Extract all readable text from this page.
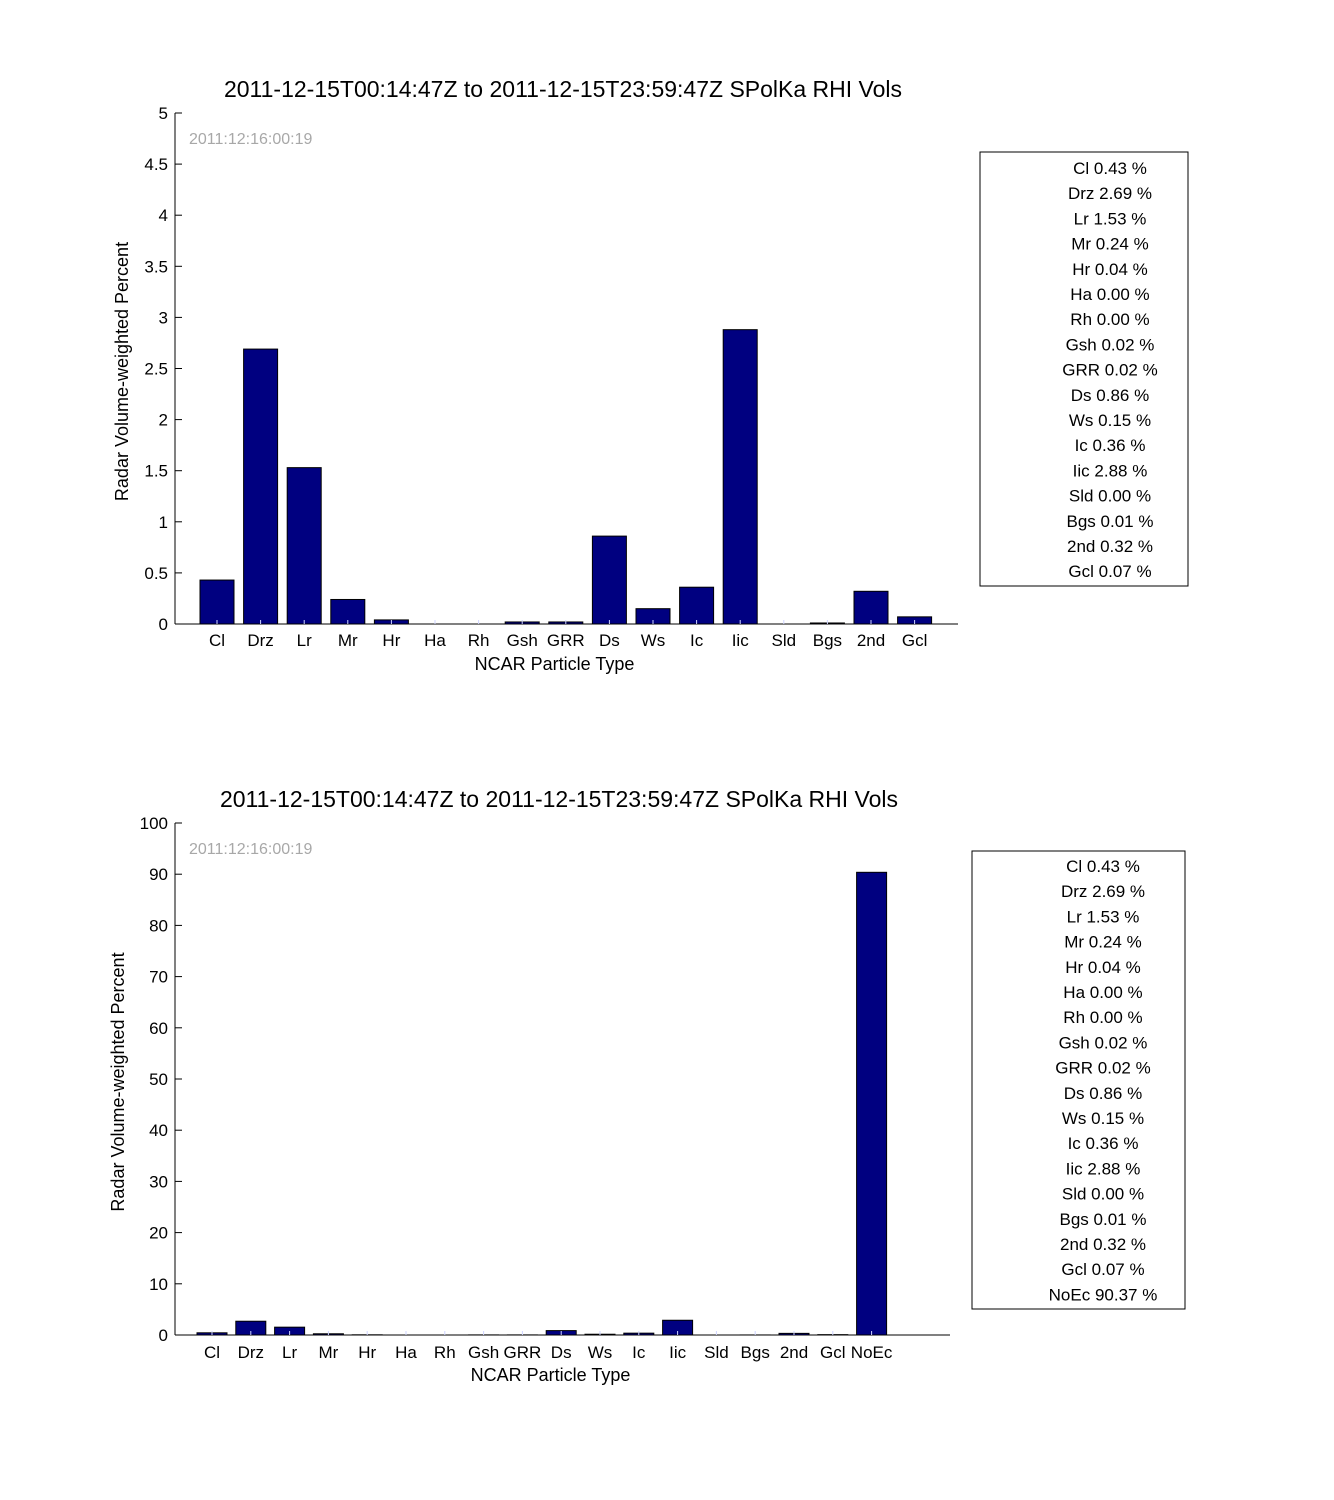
2011-12-15T00:14:47Z to 2011-12-15T23:59:47Z SPolKa RHI Vols
2011:12:16:00:19
0
0.5
1
1.5
2
2.5
3
3.5
4
4.5
5
Cl Drz Lr Mr Hr Ha Rh Gsh GRR Ds Ws Ic Iic Sld Bgs 2nd Gcl
NCAR Particle Type
Radar Volume-weighted Percent
Cl 0.43 %
Drz 2.69 %
Lr 1.53 %
Mr 0.24 %
Hr 0.04 %
Ha 0.00 %
Rh 0.00 %
Gsh 0.02 %
GRR 0.02 %
Ds 0.86 %
Ws 0.15 %
Ic 0.36 %
Iic 2.88 %
Sld 0.00 %
Bgs 0.01 %
2nd 0.32 %
Gcl 0.07 %
2011-12-15T00:14:47Z to 2011-12-15T23:59:47Z SPolKa RHI Vols
2011:12:16:00:19
0
10
20
30
40
50
60
70
80
90
100
Cl Drz Lr Mr Hr Ha Rh Gsh GRR Ds Ws Ic Iic Sld Bgs 2nd Gcl NoEc
NCAR Particle Type
Radar Volume-weighted Percent
Cl 0.43 %
Drz 2.69 %
Lr 1.53 %
Mr 0.24 %
Hr 0.04 %
Ha 0.00 %
Rh 0.00 %
Gsh 0.02 %
GRR 0.02 %
Ds 0.86 %
Ws 0.15 %
Ic 0.36 %
Iic 2.88 %
Sld 0.00 %
Bgs 0.01 %
2nd 0.32 %
Gcl 0.07 %
NoEc 90.37 %
